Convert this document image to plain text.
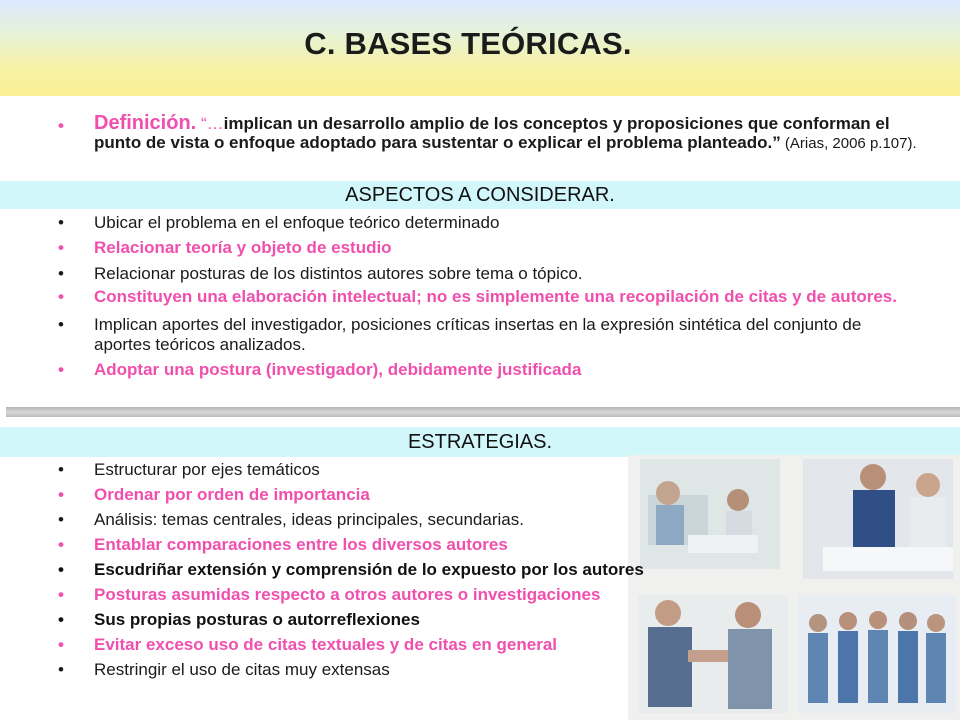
C. BASES TEÓRICAS.
• Definición. “…implican un desarrollo amplio de los conceptos y proposiciones que conforman el punto de vista o enfoque adoptado para sustentar o explicar el problema planteado.” (Arias, 2006 p.107).
ASPECTOS A CONSIDERAR.
• Ubicar el problema en el enfoque teórico determinado
• Relacionar teoría y objeto de estudio
• Relacionar posturas de los distintos autores sobre tema o tópico.
• Constituyen una elaboración intelectual; no es simplemente una recopilación de citas y de autores.
• Implican aportes del investigador, posiciones críticas insertas en la expresión sintética del conjunto de aportes teóricos analizados.
• Adoptar una postura (investigador), debidamente justificada
ESTRATEGIAS.
• Estructurar por ejes temáticos
• Ordenar por orden de importancia
• Análisis: temas centrales, ideas principales, secundarias.
• Entablar comparaciones entre los diversos autores
• Escudriñar extensión y comprensión de lo expuesto por los autores
• Posturas asumidas respecto a otros autores o investigaciones
• Sus propias posturas o autorreflexiones
• Evitar exceso uso de citas textuales y de citas en general
• Restringir el uso de citas muy extensas
